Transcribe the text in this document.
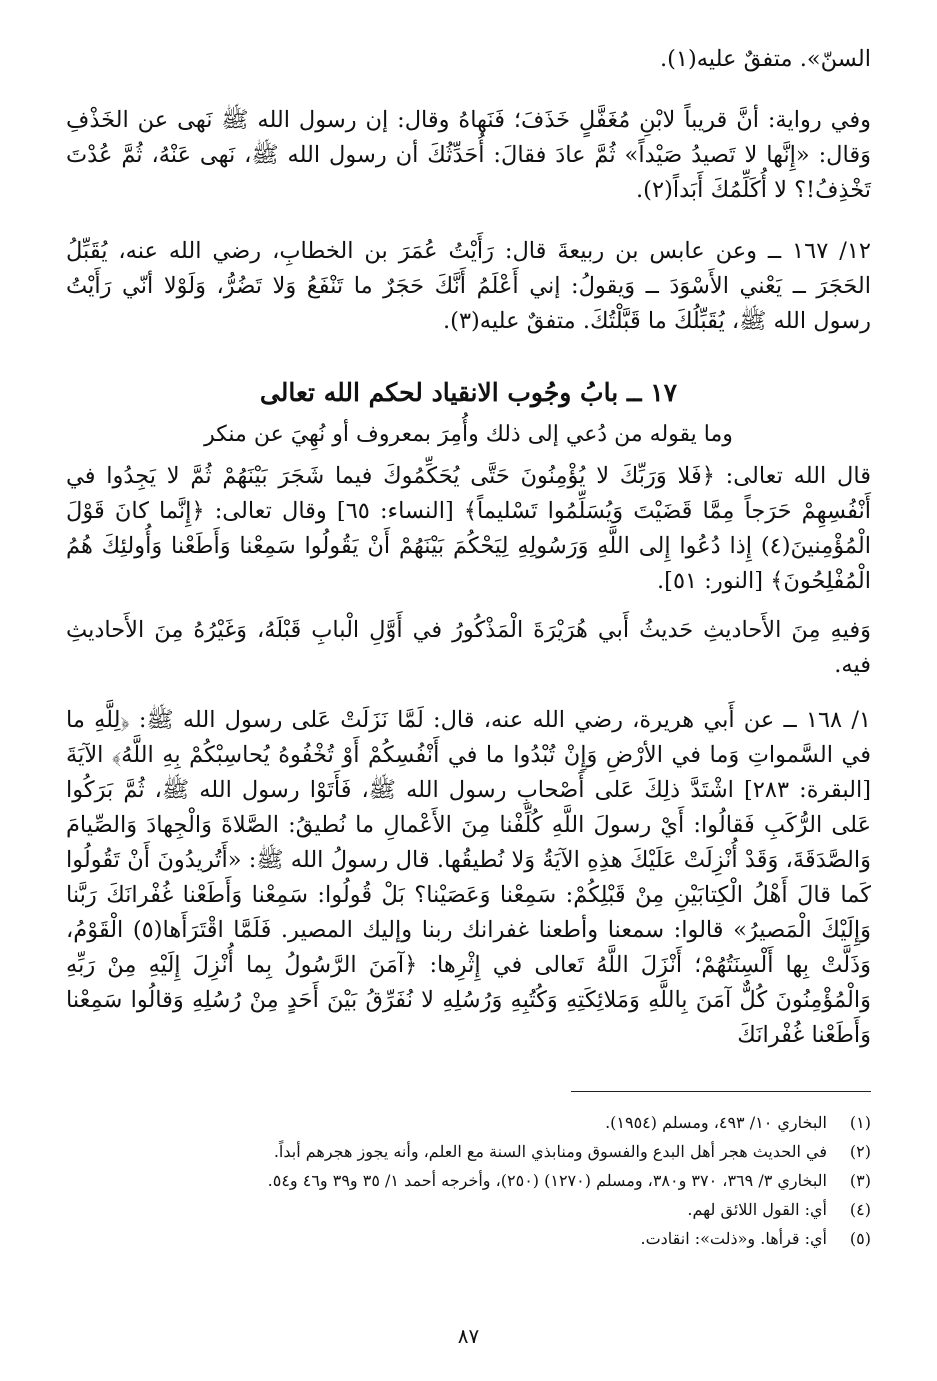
السنّ». متفقٌ عليه(١).

وفي رواية: أنَّ قريباً لابْنِ مُغَفَّلٍ خَذَفَ؛ فَنَهاهُ وقال: إن رسول الله ﷺ نَهى عن الخَذْفِ وَقال: «إِنَّها لا تَصيدُ صَيْداً» ثُمَّ عادَ فقالَ: أُحَدِّثُكَ أن رسول الله ﷺ، نَهى عَنْهُ، ثُمَّ عُدْتَ تَخْذِفُ!؟ لا أُكَلِّمُكَ أَبَداً(٢).

١٢/ ١٦٧ ــ وعن عابس بن ربيعةَ قال: رَأَيْتُ عُمَرَ بن الخطابِ، رضي الله عنه، يُقَبِّلُ الحَجَرَ ــ يَعْني الأَسْوَدَ ــ وَيقولُ: إني أَعْلَمُ أَنَّكَ حَجَرٌ ما تَنْفَعُ وَلا تَضُرُّ، وَلَوْلا أنّي رَأَيْتُ رسول الله ﷺ، يُقَبِّلُكَ ما قَبَّلْتُكَ. متفقٌ عليه(٣).

١٧ ــ بابُ وجُوب الانقياد لحكم الله تعالى
وما يقوله من دُعي إلى ذلك وأُمِرَ بمعروف أو نُهِيَ عن منكر

قال الله تعالى: ﴿فَلا وَرَبِّكَ لا يُؤْمِنُونَ حَتَّى يُحَكِّمُوكَ فيما شَجَرَ بَيْنَهُمْ ثُمَّ لا يَجِدُوا في أَنْفُسِهِمْ حَرَجاً مِمَّا قَضَيْتَ وَيُسَلِّمُوا تَسْليماً﴾ [النساء: ٦٥] وقال تعالى: ﴿إِنَّما كانَ قَوْلَ الْمُؤْمِنينَ(٤) إِذا دُعُوا إِلى اللَّهِ وَرَسُولِهِ لِيَحْكُمَ بَيْنَهُمْ أَنْ يَقُولُوا سَمِعْنا وَأَطَعْنا وَأُولئِكَ هُمُ الْمُفْلِحُونَ﴾ [النور: ٥١].

وَفيهِ مِنَ الأَحاديثِ حَديثُ أَبي هُرَيْرَةَ الْمَذْكُورُ في أَوَّلِ الْبابِ قَبْلَهُ، وَغَيْرُهُ مِنَ الأَحاديثِ فيه.

١/ ١٦٨ ــ عن أَبي هريرة، رضي الله عنه، قال: لَمَّا نَزَلَتْ عَلى رسول الله ﷺ: ﴿لِلَّهِ ما في السَّمواتِ وَما في الأرْضِ وَإِنْ تُبْدُوا ما في أَنْفُسِكُمْ أَوْ تُخْفُوهُ يُحاسِبْكُمْ بِهِ اللَّهُ﴾ الآيَةَ [البقرة: ٢٨٣] اشْتَدَّ ذلِكَ عَلى أَصْحابِ رسول الله ﷺ، فَأَتَوْا رسول الله ﷺ، ثُمَّ بَرَكُوا عَلى الرُّكَبِ فَقالُوا: أَيْ رسولَ اللَّهِ كُلِّفْنا مِنَ الأَعْمالِ ما نُطيقُ: الصَّلاةَ وَالْجِهادَ وَالصِّيامَ وَالصَّدَقَةَ، وَقَدْ أُنْزِلَتْ عَلَيْكَ هذِهِ الآيَةُ وَلا نُطيقُها. قال رسولُ الله ﷺ: «أَتُريدُونَ أَنْ تَقُولُوا كَما قالَ أَهْلُ الْكِتابَيْنِ مِنْ قَبْلِكُمْ: سَمِعْنا وَعَصَيْنا؟ بَلْ قُولُوا: سَمِعْنا وَأَطَعْنا غُفْرانَكَ رَبَّنا وَإِلَيْكَ الْمَصيرُ» قالوا: سمعنا وأطعنا غفرانك ربنا وإليك المصير. فَلَمَّا اقْتَرَأَها(٥) الْقَوْمُ، وَذَلَّتْ بِها أَلْسِنَتُهُمْ؛ أَنْزَلَ اللَّهُ تَعالى في إِثْرِها: ﴿آمَنَ الرَّسُولُ بِما أُنْزِلَ إِلَيْهِ مِنْ رَبِّهِ وَالْمُؤْمِنُونَ كُلٌّ آمَنَ بِاللَّهِ وَمَلائِكَتِهِ وَكُتُبِهِ وَرُسُلِهِ لا نُفَرِّقُ بَيْنَ أَحَدٍ مِنْ رُسُلِهِ وَقالُوا سَمِعْنا وَأَطَعْنا غُفْرانَكَ

(١)
البخاري ١٠/ ٤٩٣، ومسلم (١٩٥٤).
(٢)
في الحديث هجر أهل البدع والفسوق ومنابذي السنة مع العلم، وأنه يجوز هجرهم أبداً.
(٣)
البخاري ٣/ ٣٦٩، ٣٧٠ و٣٨٠، ومسلم (١٢٧٠) (٢٥٠)، وأخرجه أحمد ١/ ٣٥ و٣٩ و٤٦ و٥٤.
(٤)
أي: القول اللائق لهم.
(٥)
أي: قرأها. و«ذلت»: انقادت.
٨٧
